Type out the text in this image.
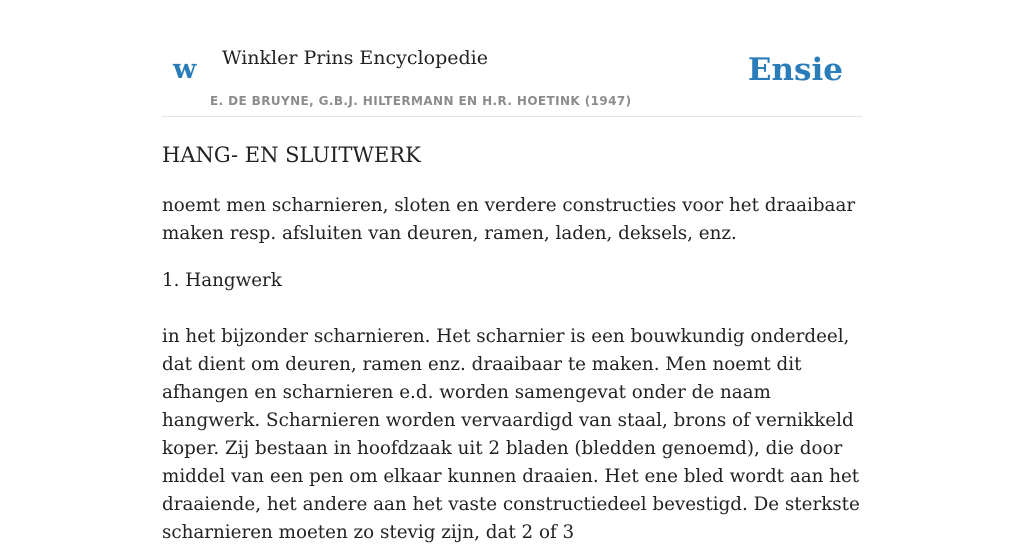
w Winkler Prins Encyclopedie
E. DE BRUYNE, G.B.J. HILTERMANN EN H.R. HOETINK (1947)
Ensie
HANG- EN SLUITWERK

noemt men scharnieren, sloten en verdere constructies voor het draaibaar maken resp. afsluiten van deuren, ramen, laden, deksels, enz.

1. Hangwerk

in het bijzonder scharnieren. Het scharnier is een bouwkundig onderdeel, dat dient om deuren, ramen enz. draaibaar te maken. Men noemt dit afhangen en scharnieren e.d. worden samengevat onder de naam hangwerk. Scharnieren worden vervaardigd van staal, brons of vernikkeld koper. Zij bestaan in hoofdzaak uit 2 bladen (bledden genoemd), die door middel van een pen om elkaar kunnen draaien. Het ene bled wordt aan het draaiende, het andere aan het vaste constructiedeel bevestigd. De sterkste scharnieren moeten zo stevig zijn, dat 2 of 3
